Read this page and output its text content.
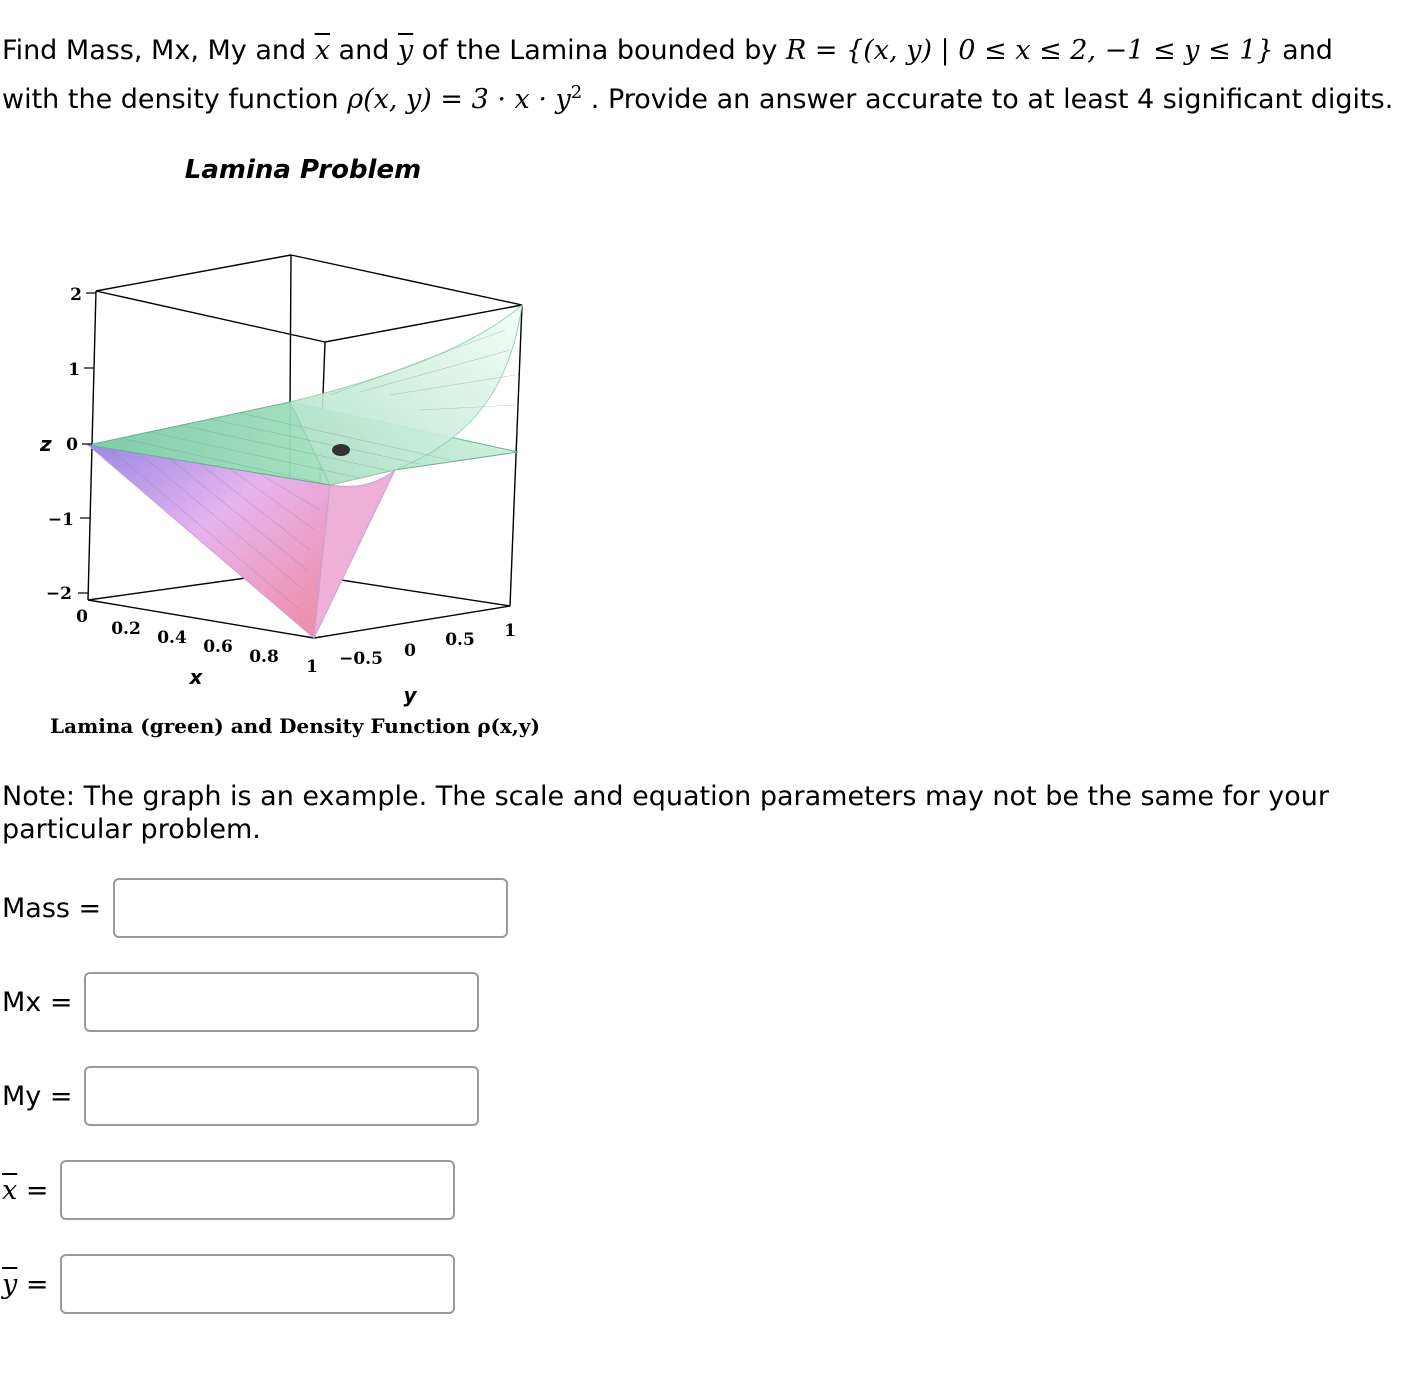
Find Mass, Mx, My and $\overline{x}$ and $\overline{y}$ of the Lamina bounded by R = {(x, y) | 0 ≤ x ≤ 2, −1 ≤ y ≤ 1} and
with the density function ρ(x, $y) = 3 \cdot x \cdot y^2$ . Provide an answer accurate to at least 4 significant digits.
Lamina Problem
z
2
1
0
−1
−2
0
0.2 0.4 0.6 0.8 1
x
−0.5 0
0.5 1
y
Lamina (green) and Density Function ρ(x,y)
Note: The graph is an example. The scale and equation parameters may not be the same for your particular problem.
Mass =
Mx =
My =
$\overline{x}$ =
$\overline{y}$ =
